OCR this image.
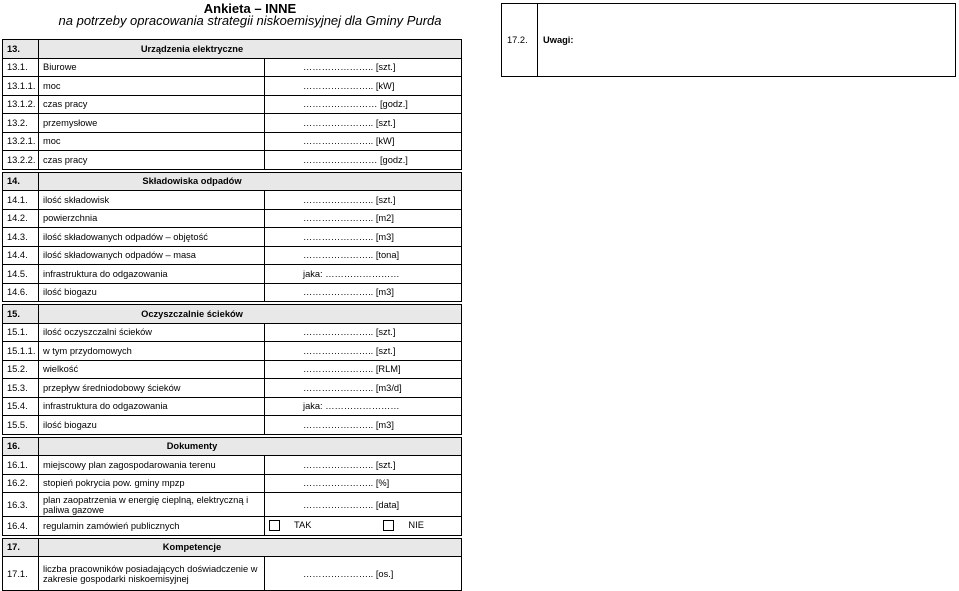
Ankieta – INNE
na potrzeby opracowania strategii niskoemisyjnej dla Gminy Purda
17.2.	Uwagi:
13.	Urządzenia elektryczne	
13.1.	Biurowe	………………….. [szt.]
13.1.1.	moc	………………….. [kW]
13.1.2.	czas pracy	…………………… [godz.]
13.2.	przemysłowe	………………….. [szt.]
13.2.1.	moc	………………….. [kW]
13.2.2.	czas pracy	…………………… [godz.]

14.	Składowiska odpadów	
14.1.	ilość składowisk	………………….. [szt.]
14.2.	powierzchnia	………………….. [m2]
14.3.	ilość składowanych odpadów – objętość	………………….. [m3]
14.4.	ilość składowanych odpadów – masa	………………….. [tona]
14.5.	infrastruktura do odgazowania	jaka: ……………………
14.6.	ilość biogazu	………………….. [m3]

15.	Oczyszczalnie ścieków	
15.1.	ilość oczyszczalni ścieków	………………….. [szt.]
15.1.1.	w tym przydomowych	………………….. [szt.]
15.2.	wielkość	………………….. [RLM]
15.3.	przepływ średniodobowy ścieków	………………….. [m3/d]
15.4.	infrastruktura do odgazowania	jaka: ……………………
15.5.	ilość biogazu	………………….. [m3]

16.	Dokumenty	
16.1.	miejscowy plan zagospodarowania terenu	………………….. [szt.]
16.2.	stopień pokrycia pow. gminy mpzp	………………….. [%]
16.3.	plan zaopatrzenia w energię cieplną, elektryczną i paliwa gazowe	………………….. [data]
16.4.	regulamin zamówień publicznych	TAK NIE

17.	Kompetencje	
17.1.	liczba pracowników posiadających doświadczenie w zakresie gospodarki niskoemisyjnej	………………….. [os.]
